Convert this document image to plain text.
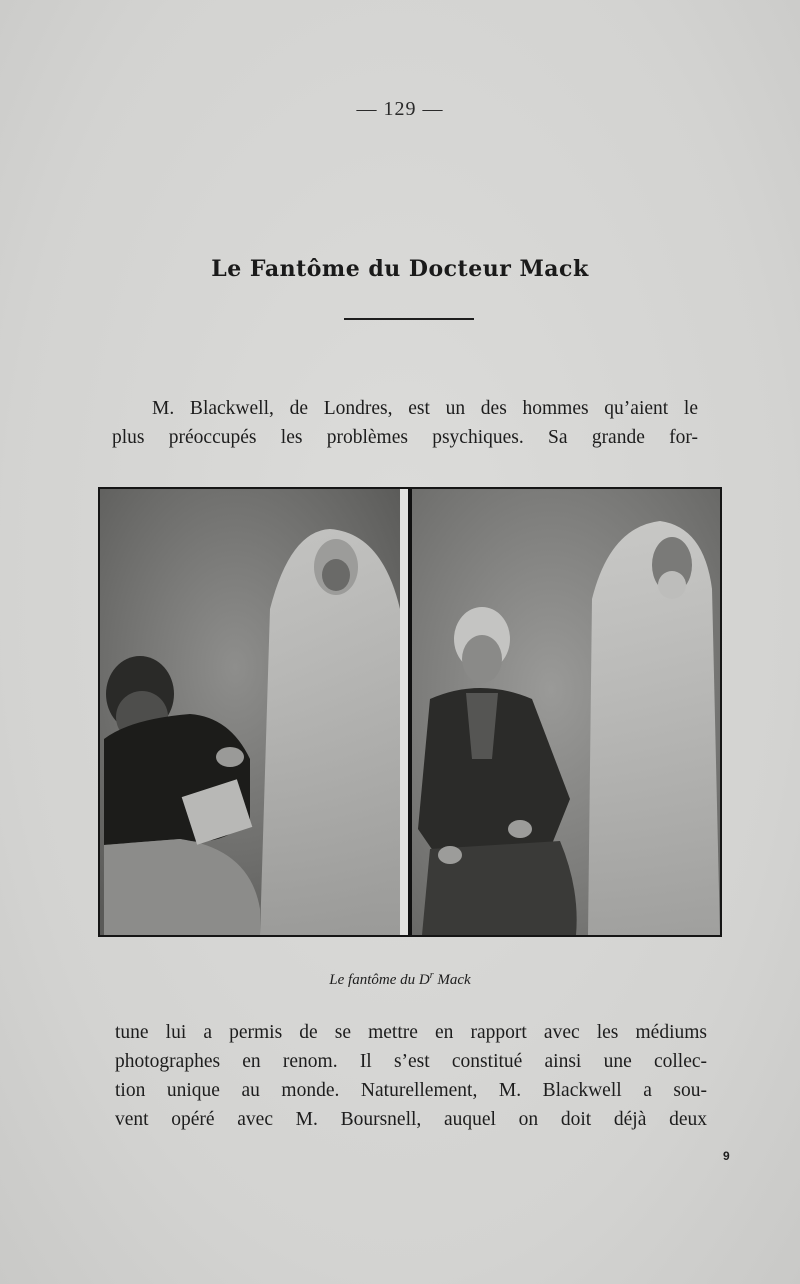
— 129 —
Le Fantôme du Docteur Mack
M. Blackwell, de Londres, est un des hommes qu’aient le
plus préoccupés les problèmes psychiques. Sa grande for-
Le fantôme du $D^r$ Mack
tune lui a permis de se mettre en rapport avec les médiums
photographes en renom. Il s’est constitué ainsi une collec-
tion unique au monde. Naturellement, M. Blackwell a sou-
vent opéré avec M. Boursnell, auquel on doit déjà deux
9
